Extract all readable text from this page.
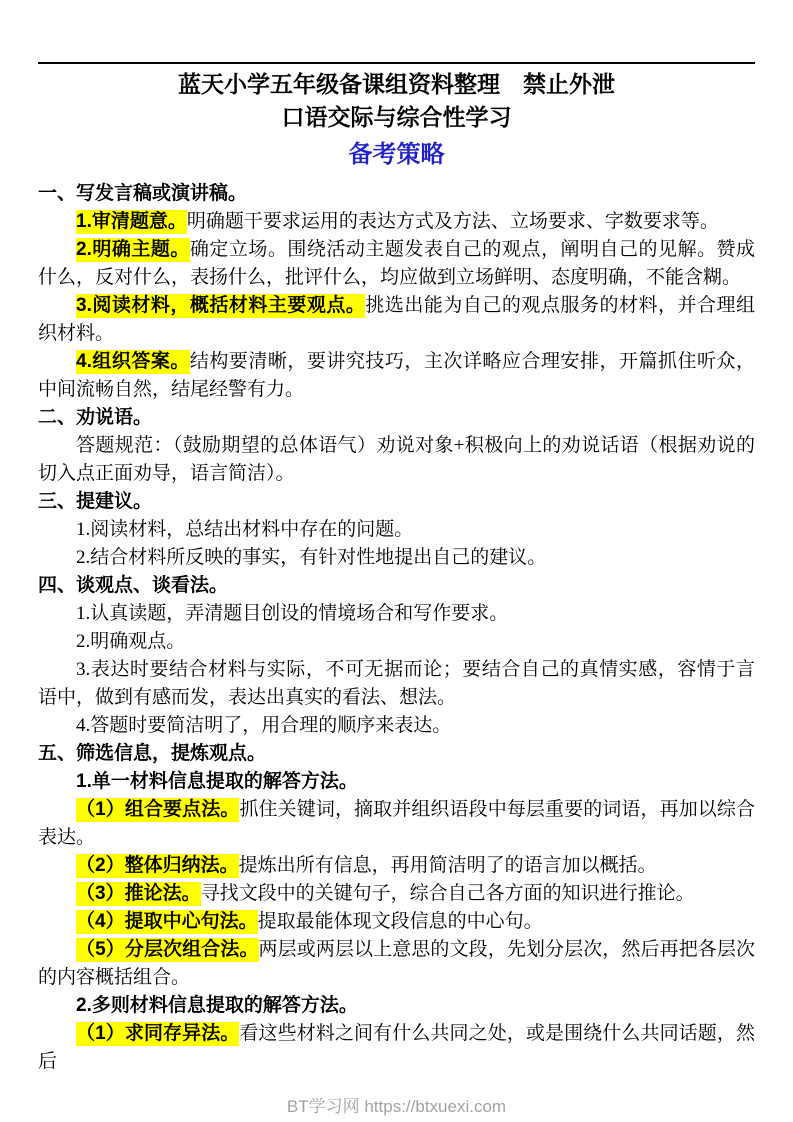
蓝天小学五年级备课组资料整理　禁止外泄
口语交际与综合性学习
备考策略

一、写发言稿或演讲稿。

1.审清题意。明确题干要求运用的表达方式及方法、立场要求、字数要求等。

2.明确主题。确定立场。围绕活动主题发表自己的观点，阐明自己的见解。赞成什么，反对什么，表扬什么，批评什么，均应做到立场鲜明、态度明确，不能含糊。

3.阅读材料，概括材料主要观点。挑选出能为自己的观点服务的材料，并合理组织材料。

4.组织答案。结构要清晰，要讲究技巧，主次详略应合理安排，开篇抓住听众，中间流畅自然，结尾经警有力。

二、劝说语。

答题规范：（鼓励期望的总体语气）劝说对象+积极向上的劝说话语（根据劝说的切入点正面劝导，语言简洁）。

三、提建议。

1.阅读材料，总结出材料中存在的问题。

2.结合材料所反映的事实，有针对性地提出自己的建议。

四、谈观点、谈看法。

1.认真读题，弄清题目创设的情境场合和写作要求。

2.明确观点。

3.表达时要结合材料与实际，不可无据而论；要结合自己的真情实感，容情于言语中，做到有感而发，表达出真实的看法、想法。

4.答题时要简洁明了，用合理的顺序来表达。

五、筛选信息，提炼观点。

1.单一材料信息提取的解答方法。

（1）组合要点法。抓住关键词，摘取并组织语段中每层重要的词语，再加以综合表达。

（2）整体归纳法。提炼出所有信息，再用简洁明了的语言加以概括。

（3）推论法。寻找文段中的关键句子，综合自己各方面的知识进行推论。

（4）提取中心句法。提取最能体现文段信息的中心句。

（5）分层次组合法。两层或两层以上意思的文段，先划分层次，然后再把各层次的内容概括组合。

2.多则材料信息提取的解答方法。

（1）求同存异法。看这些材料之间有什么共同之处，或是围绕什么共同话题，然后

BT学习网 https://btxuexi.com
